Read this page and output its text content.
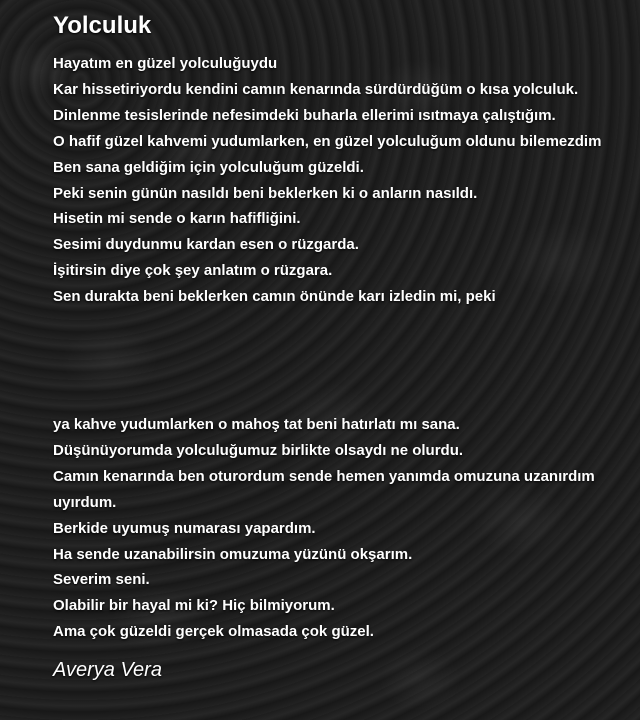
Yolculuk
Hayatım en güzel yolculuğuydu
Kar hissetiriyordu kendini camın kenarında sürdürdüğüm o kısa yolculuk.
Dinlenme tesislerinde nefesimdeki buharla ellerimi ısıtmaya çalıştığım.
O hafif güzel kahvemi yudumlarken, en güzel yolculuğum oldunu bilemezdim
Ben sana geldiğim için yolculuğum güzeldi.
Peki senin günün nasıldı beni beklerken ki o anların nasıldı.
Hisetin mi sende o karın hafifliğini.
Sesimi duydunmu kardan esen o rüzgarda.
İşitirsin diye çok şey anlatım o rüzgara.
Sen durakta beni beklerken camın önünde karı izledin mi, peki
ya kahve yudumlarken o mahoş tat beni hatırlatı mı sana.
Düşünüyorumda yolculuğumuz birlikte olsaydı ne olurdu.
Camın kenarında ben oturordum sende hemen yanımda omuzuna uzanırdım
uyırdum.
Berkide uyumuş numarası yapardım.
Ha sende uzanabilirsin omuzuma yüzünü okşarım.
Severim seni.
Olabilir bir hayal mi ki? Hiç bilmiyorum.
Ama çok güzeldi gerçek olmasada çok güzel.
Averya Vera
